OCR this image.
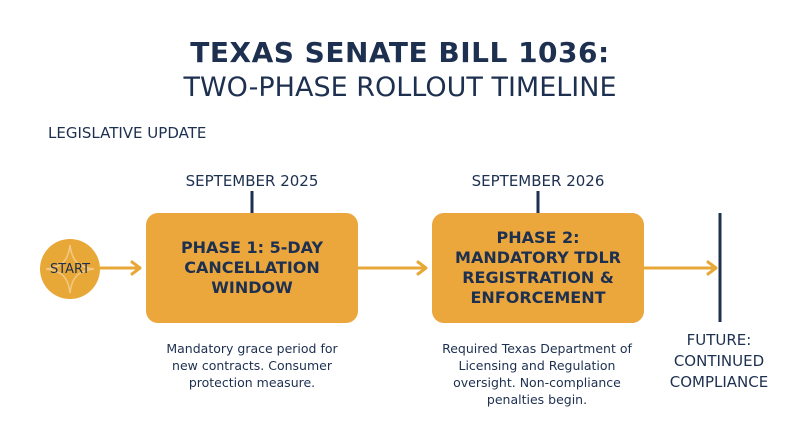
TEXAS SENATE BILL 1036:
TWO-PHASE ROLLOUT TIMELINE
LEGISLATIVE UPDATE
SEPTEMBER 2025	SEPTEMBER 2026
START
PHASE 1: 5-DAY CANCELLATION WINDOW
PHASE 2: MANDATORY TDLR REGISTRATION & ENFORCEMENT
Mandatory grace period for new contracts. Consumer protection measure.
Required Texas Department of Licensing and Regulation oversight. Non-compliance penalties begin.
FUTURE: CONTINUED COMPLIANCE
